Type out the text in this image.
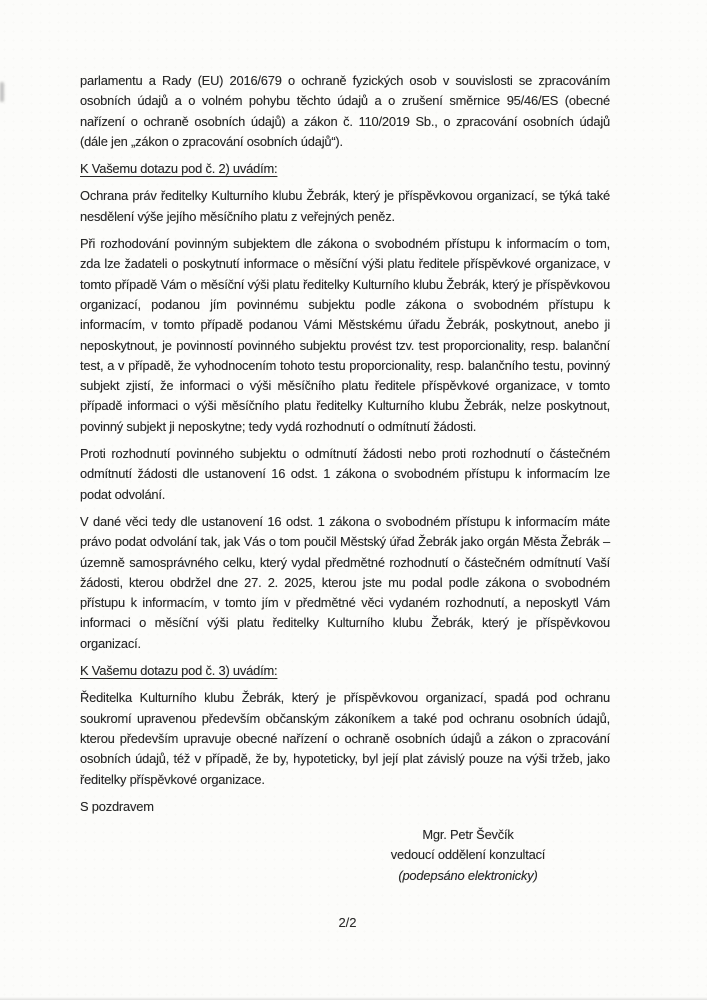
parlamentu a Rady (EU) 2016/679 o ochraně fyzických osob v souvislosti se zpracováním osobních údajů a o volném pohybu těchto údajů a o zrušení směrnice 95/46/ES (obecné nařízení o ochraně osobních údajů) a zákon č. 110/2019 Sb., o zpracování osobních údajů (dále jen „zákon o zpracování osobních údajů“).

K Vašemu dotazu pod č. 2) uvádím:

Ochrana práv ředitelky Kulturního klubu Žebrák, který je příspěvkovou organizací, se týká také nesdělení výše jejího měsíčního platu z veřejných peněz.

Při rozhodování povinným subjektem dle zákona o svobodném přístupu k informacím o tom, zda lze žadateli o poskytnutí informace o měsíční výši platu ředitele příspěvkové organizace, v tomto případě Vám o měsíční výši platu ředitelky Kulturního klubu Žebrák, který je příspěvkovou organizací, podanou jím povinnému subjektu podle zákona o svobodném přístupu k informacím, v tomto případě podanou Vámi Městskému úřadu Žebrák, poskytnout, anebo ji neposkytnout, je povinností povinného subjektu provést tzv. test proporcionality, resp. balanční test, a v případě, že vyhodnocením tohoto testu proporcionality, resp. balančního testu, povinný subjekt zjistí, že informaci o výši měsíčního platu ředitele příspěvkové organizace, v tomto případě informaci o výši měsíčního platu ředitelky Kulturního klubu Žebrák, nelze poskytnout, povinný subjekt ji neposkytne; tedy vydá rozhodnutí o odmítnutí žádosti.

Proti rozhodnutí povinného subjektu o odmítnutí žádosti nebo proti rozhodnutí o částečném odmítnutí žádosti dle ustanovení 16 odst. 1 zákona o svobodném přístupu k informacím lze podat odvolání.

V dané věci tedy dle ustanovení 16 odst. 1 zákona o svobodném přístupu k informacím máte právo podat odvolání tak, jak Vás o tom poučil Městský úřad Žebrák jako orgán Města Žebrák – územně samosprávného celku, který vydal předmětné rozhodnutí o částečném odmítnutí Vaší žádosti, kterou obdržel dne 27. 2. 2025, kterou jste mu podal podle zákona o svobodném přístupu k informacím, v tomto jím v předmětné věci vydaném rozhodnutí, a neposkytl Vám informaci o měsíční výši platu ředitelky Kulturního klubu Žebrák, který je příspěvkovou organizací.

K Vašemu dotazu pod č. 3) uvádím:

Ředitelka Kulturního klubu Žebrák, který je příspěvkovou organizací, spadá pod ochranu soukromí upravenou především občanským zákoníkem a také pod ochranu osobních údajů, kterou především upravuje obecné nařízení o ochraně osobních údajů a zákon o zpracování osobních údajů, též v případě, že by, hypoteticky, byl její plat závislý pouze na výši tržeb, jako ředitelky příspěvkové organizace.

S pozdravem

Mgr. Petr Ševčík
vedoucí oddělení konzultací
(podepsáno elektronicky)
2/2
